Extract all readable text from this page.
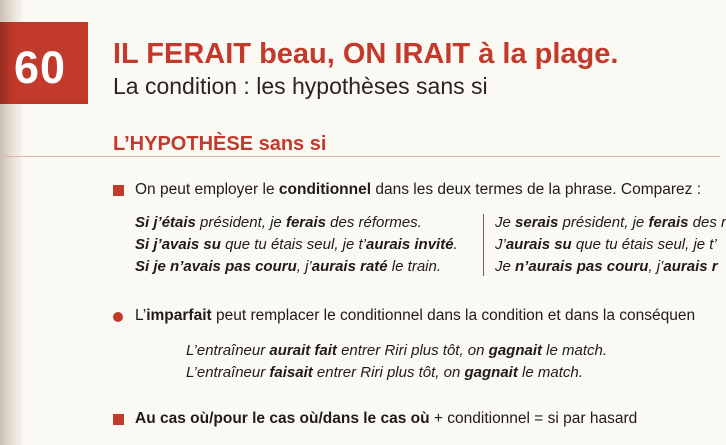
60 IL FERAIT beau, ON IRAIT à la plage.
La condition : les hypothèses sans si
L’HYPOTHÈSE sans si
On peut employer le conditionnel dans les deux termes de la phrase. Comparez :
Si j’étais président, je ferais des réformes.
Si j’avais su que tu étais seul, je t’aurais invité.
Si je n’avais pas couru, j’aurais raté le train.
Je serais président, je ferais des r
J’aurais su que tu étais seul, je t’
Je n’aurais pas couru, j’aurais r
L’imparfait peut remplacer le conditionnel dans la condition et dans la conséquen
L’entraîneur aurait fait entrer Riri plus tôt, on gagnait le match.
L’entraîneur faisait entrer Riri plus tôt, on gagnait le match.
Au cas où/pour le cas où/dans le cas où + conditionnel = si par hasard
